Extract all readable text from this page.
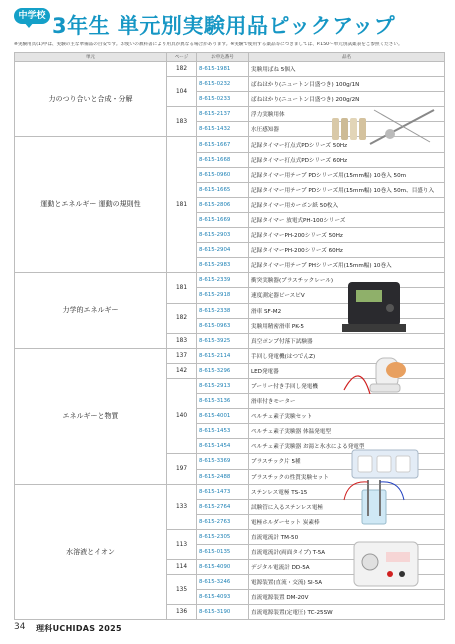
中学校 3年生 単元別実験用品ピックアップ
※実験用具(1)中は、実験の主な準備品の目安です。お使いの教科書により用具が異なる場合があります。※実験で使用する薬品等につきましては、P.150～単元別試薬表をご参照ください。
単元	ページ	お申込番号	品名
力のつり合いと合成・分解	182	8-615-1981	実験用ばね 5個入
	104	8-615-0232	ばねはかり(ニュートン目盛つき) 100g/1N
		8-615-0233	ばねはかり(ニュートン目盛つき) 200g/2N
	183	8-615-2137	浮力実験用体
		8-615-1432	水圧感知器
運動とエネルギー 運動の規則性	181	8-615-1667	記録タイマー打点式PDシリーズ 50Hz
		8-615-1668	記録タイマー打点式PDシリーズ 60Hz
		8-615-0960	記録タイマー用テープ PDシリーズ用(15mm幅) 10巻入 50m
		8-615-1665	記録タイマー用テープ PDシリーズ用(15mm幅) 10巻入 50m、目盛り入
		8-615-2806	記録タイマー用カーボン紙 50枚入
		8-615-1669	記録タイマー 放電式PH-100シリーズ
		8-615-2903	記録タイマーPH-200シリーズ 50Hz
		8-615-2904	記録タイマーPH-200シリーズ 60Hz
		8-615-2983	記録タイマー用テープ PHシリーズ用(15mm幅) 10巻入
力学的エネルギー	181	8-615-2339	衝突実験器(プラスチックレール)
		8-615-2918	速度測定器ビースピV
	182	8-615-2338	滑車 SF-M2
		8-615-0963	実験用精密滑車 PK-5
	183	8-615-3925	真空ポンプ付落下試験器
エネルギーと物質	137	8-615-2114	手回し発電機(はつでんZ)
	142	8-615-3296	LED発電器
	140	8-615-2913	プーリー付き手回し発電機
		8-615-3136	滑車付きモーター
		8-615-4001	ペルチェ素子実験セット
		8-615-1453	ペルチェ素子実験器 体温発電型
		8-615-1454	ペルチェ素子実験器 お湯と氷水による発電型
	197	8-615-3369	プラスチック片 5種
		8-615-2488	プラスチックの性質実験セット
水溶液とイオン	133	8-615-1473	ステンレス電極 TS-15
		8-615-2764	試験管に入るステンレス電極
		8-615-2763	電極ホルダーセット 炭素棒
	113	8-615-2305	直流電流計 TM-50
		8-615-0135	直流電流計(両面タイプ) T-5A
	114	8-615-4090	デジタル電流計 DD-5A
	135	8-615-3246	電源装置(直流・交流) SI-5A
		8-615-4093	直流電源装置 DM-20V
	136	8-615-3190	直流電源装置(定電圧) TC-25SW
34 理科UCHIDAS 2025
